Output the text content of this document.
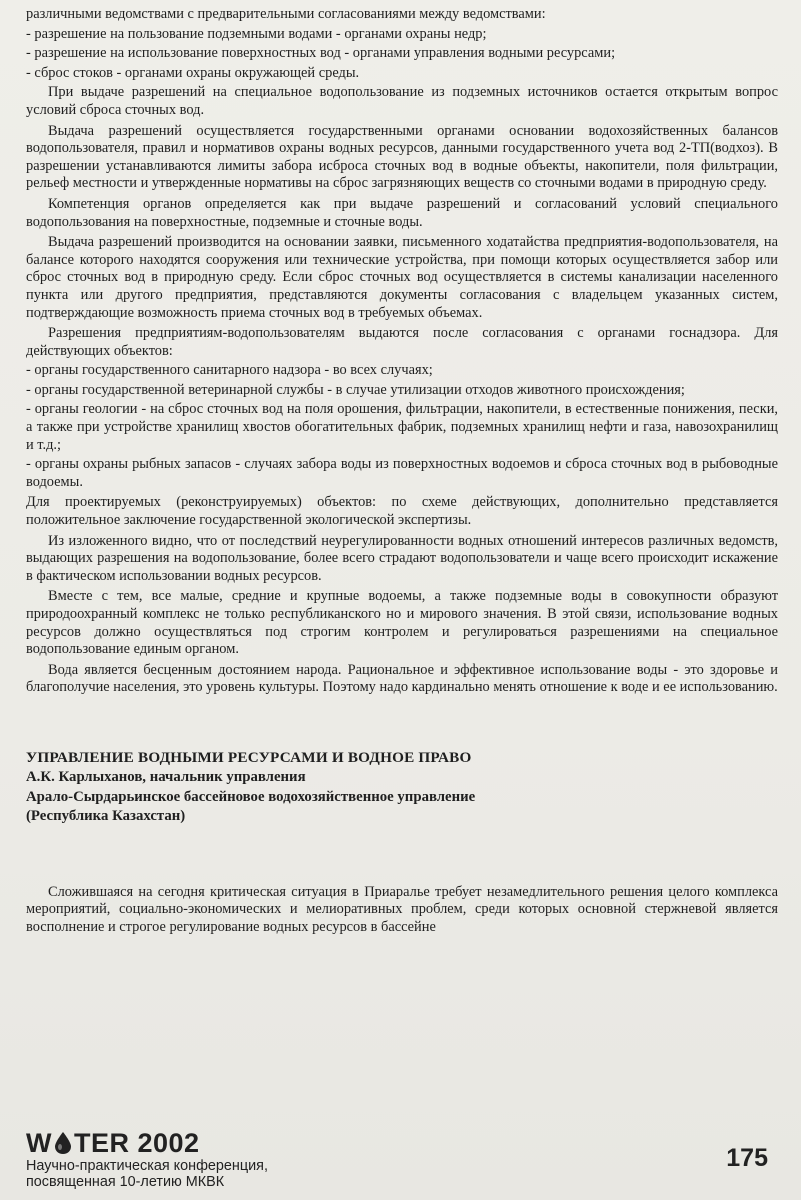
различными ведомствами с предварительными согласованиями между ведомствами:

- разрешение на пользование подземными водами - органами охраны недр;

- разрешение на использование поверхностных вод - органами управления водными ресурсами;

- сброс стоков - органами охраны окружающей среды.

При выдаче разрешений на специальное водопользование из подземных источников остается открытым вопрос условий сброса сточных вод.

Выдача разрешений осуществляется государственными органами основании водохозяйственных балансов водопользователя, правил и нормативов охраны водных ресурсов, данными государственного учета вод 2-ТП(водхоз). В разрешении устанавливаются лимиты забора исброса сточных вод в водные объекты, накопители, поля фильтрации, рельеф местности и утвержденные нормативы на сброс загрязняющих веществ со сточными водами в природную среду.

Компетенция органов определяется как при выдаче разрешений и согласований условий специального водопользования на поверхностные, подземные и сточные воды.

Выдача разрешений производится на основании заявки, письменного ходатайства предприятия-водопользователя, на балансе которого находятся сооружения или технические устройства, при помощи которых осуществляется забор или сброс сточных вод в природную среду. Если сброс сточных вод осуществляется в системы канализации населенного пункта или другого предприятия, представляются документы согласования с владельцем указанных систем, подтверждающие возможность приема сточных вод в требуемых объемах.

Разрешения предприятиям-водопользователям выдаются после согласования с органами госнадзора. Для действующих объектов:

- органы государственного санитарного надзора - во всех случаях;

- органы государственной ветеринарной службы - в случае утилизации отходов животного происхождения;

- органы геологии - на сброс сточных вод на поля орошения, фильтрации, накопители, в естественные понижения, пески, а также при устройстве хранилищ хвостов обогатительных фабрик, подземных хранилищ нефти и газа, навозохранилищ и т.д.;

- органы охраны рыбных запасов - случаях забора воды из поверхностных водоемов и сброса сточных вод в рыбоводные водоемы.

Для проектируемых (реконструируемых) объектов: по схеме действующих, дополнительно представляется положительное заключение государственной экологической экспертизы.

Из изложенного видно, что от последствий неурегулированности водных отношений интересов различных ведомств, выдающих разрешения на водопользование, более всего страдают водопользователи и чаще всего происходит искажение в фактическом использовании водных ресурсов.

Вместе с тем, все малые, средние и крупные водоемы, а также подземные воды в совокупности образуют природоохранный комплекс не только республиканского но и мирового значения. В этой связи, использование водных ресурсов должно осуществляться под строгим контролем и регулироваться разрешениями на специальное водопользование единым органом.

Вода является бесценным достоянием народа. Рациональное и эффективное использование воды - это здоровье и благополучие населения, это уровень культуры. Поэтому надо кардинально менять отношение к воде и ее использованию.

УПРАВЛЕНИЕ ВОДНЫМИ РЕСУРСАМИ И ВОДНОЕ ПРАВО

А.К. Карлыханов, начальник управления

Арало-Сырдарьинское бассейновое водохозяйственное управление

(Республика Казахстан)

Сложившаяся на сегодня критическая ситуация в Приаралье требует незамедлительного решения целого комплекса мероприятий, социально-экономических и мелиоративных проблем, среди которых основной стержневой является восполнение и строгое регулирование водных ресурсов в бассейне

W TER 2002
Научно-практическая конференция,
посвященная 10-летию МКВК
175
